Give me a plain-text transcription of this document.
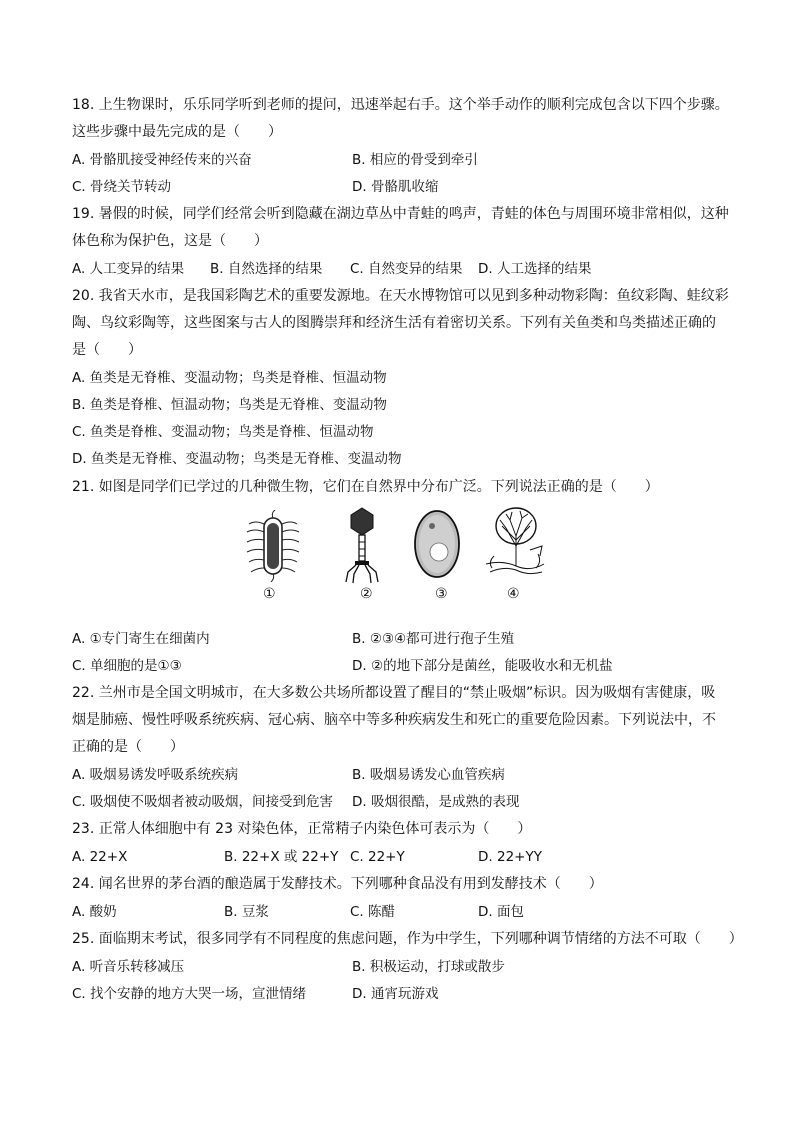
18. 上生物课时，乐乐同学听到老师的提问，迅速举起右手。这个举手动作的顺利完成包含以下四个步骤。
这些步骤中最先完成的是（　　）
A. 骨骼肌接受神经传来的兴奋	B. 相应的骨受到牵引
C. 骨绕关节转动	D. 骨骼肌收缩
19. 暑假的时候，同学们经常会听到隐藏在湖边草丛中青蛙的鸣声，青蛙的体色与周围环境非常相似，这种
体色称为保护色，这是（　　）
A. 人工变异的结果 B. 自然选择的结果 C. 自然变异的结果 D. 人工选择的结果
20. 我省天水市，是我国彩陶艺术的重要发源地。在天水博物馆可以见到多种动物彩陶：鱼纹彩陶、蛙纹彩
陶、鸟纹彩陶等，这些图案与古人的图腾崇拜和经济生活有着密切关系。下列有关鱼类和鸟类描述正确的
是（　　）
A. 鱼类是无脊椎、变温动物；鸟类是脊椎、恒温动物
B. 鱼类是脊椎、恒温动物；鸟类是无脊椎、变温动物
C. 鱼类是脊椎、变温动物；鸟类是脊椎、恒温动物
D. 鱼类是无脊椎、变温动物；鸟类是无脊椎、变温动物
21. 如图是同学们已学过的几种微生物，它们在自然界中分布广泛。下列说法正确的是（　　）
①	②	③	④
A. ①专门寄生在细菌内	B. ②③④都可进行孢子生殖
C. 单细胞的是①③	D. ②的地下部分是菌丝，能吸收水和无机盐
22. 兰州市是全国文明城市，在大多数公共场所都设置了醒目的“禁止吸烟”标识。因为吸烟有害健康，吸
烟是肺癌、慢性呼吸系统疾病、冠心病、脑卒中等多种疾病发生和死亡的重要危险因素。下列说法中，不
正确的是（　　）
A. 吸烟易诱发呼吸系统疾病	B. 吸烟易诱发心血管疾病
C. 吸烟使不吸烟者被动吸烟，间接受到危害 D. 吸烟很酷，是成熟的表现
23. 正常人体细胞中有 23 对染色体，正常精子内染色体可表示为（　　）
A. 22+X	B. 22+X 或 22+Y C. 22+Y	D. 22+YY
24. 闻名世界的茅台酒的酿造属于发酵技术。下列哪种食品没有用到发酵技术（　　）
A. 酸奶	B. 豆浆	C. 陈醋	D. 面包
25. 面临期末考试，很多同学有不同程度的焦虑问题，作为中学生，下列哪种调节情绪的方法不可取（　　）
A. 听音乐转移减压	B. 积极运动，打球或散步
C. 找个安静的地方大哭一场，宣泄情绪	D. 通宵玩游戏
